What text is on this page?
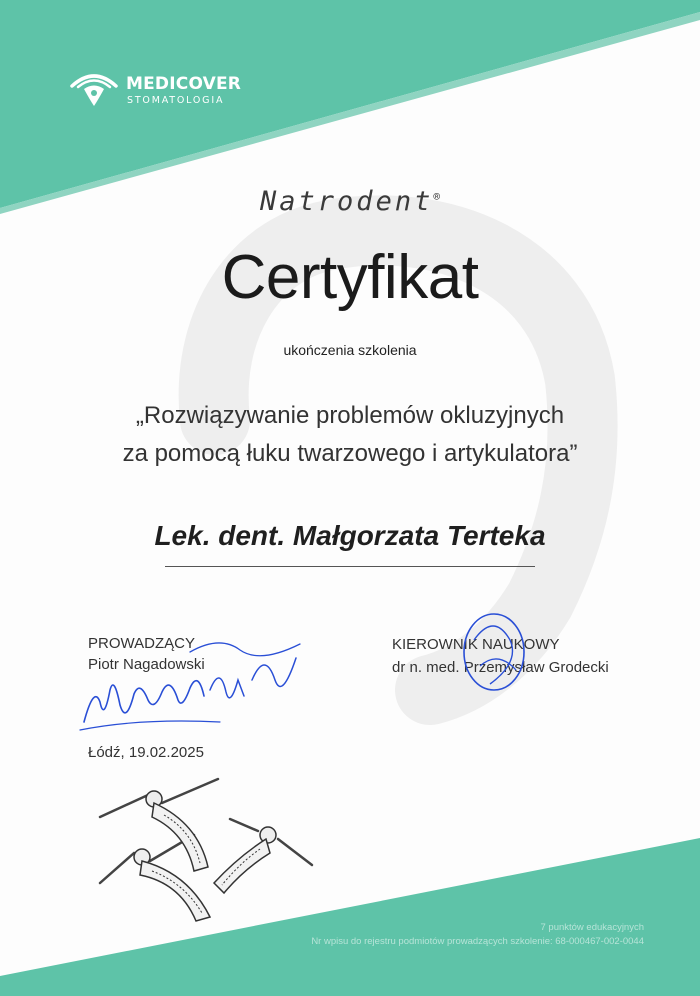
MEDICOVER
STOMATOLOGIA
Natrodent®
Certyfikat
ukończenia szkolenia
„Rozwiązywanie problemów okluzyjnych
za pomocą łuku twarzowego i artykulatora”
Lek. dent. Małgorzata Terteka
PROWADZĄCY
Piotr Nagadowski
KIEROWNIK NAUKOWY
dr n. med. Przemysław Grodecki
Łódź, 19.02.2025
7 punktów edukacyjnych
Nr wpisu do rejestru podmiotów prowadzących szkolenie: 68-000467-002-0044
